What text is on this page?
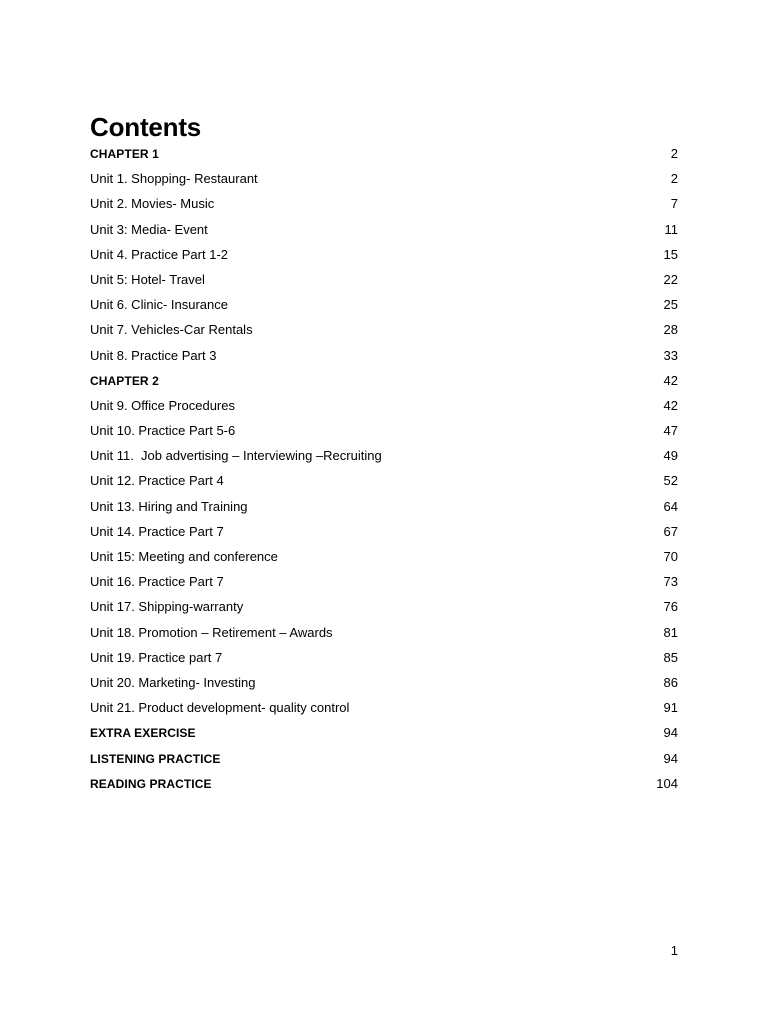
Contents
CHAPTER 1	2
Unit 1. Shopping- Restaurant	2
Unit 2. Movies- Music	7
Unit 3: Media- Event	11
Unit 4. Practice Part 1-2	15
Unit 5: Hotel- Travel	22
Unit 6. Clinic- Insurance	25
Unit 7. Vehicles-Car Rentals	28
Unit 8. Practice Part 3	33
CHAPTER 2	42
Unit 9. Office Procedures	42
Unit 10. Practice Part 5-6	47
Unit 11.  Job advertising – Interviewing –Recruiting	49
Unit 12. Practice Part 4	52
Unit 13. Hiring and Training	64
Unit 14. Practice Part 7	67
Unit 15: Meeting and conference	70
Unit 16. Practice Part 7	73
Unit 17. Shipping-warranty	76
Unit 18. Promotion – Retirement – Awards	81
Unit 19. Practice part 7	85
Unit 20. Marketing- Investing	86
Unit 21. Product development- quality control	91
EXTRA EXERCISE	94
LISTENING PRACTICE	94
READING PRACTICE	104
1
